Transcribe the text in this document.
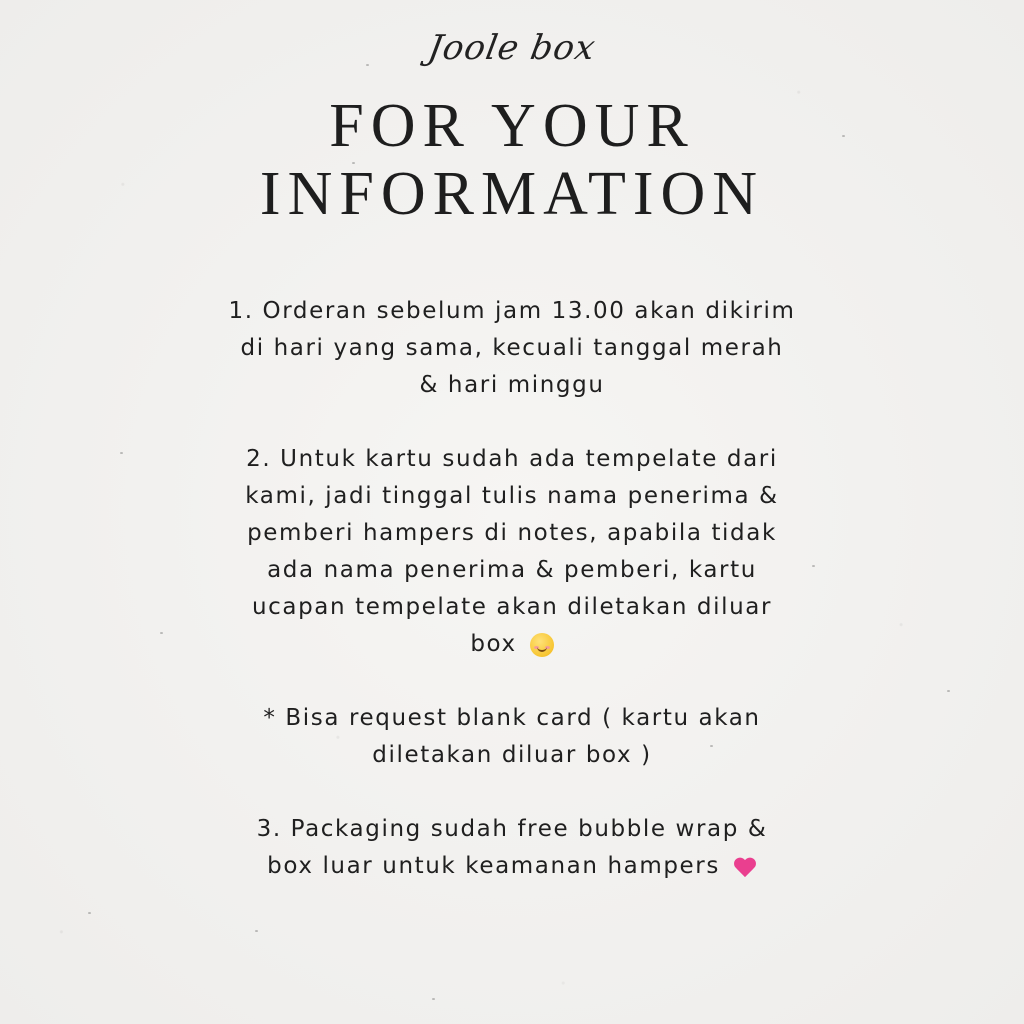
Joole box
FOR YOUR
INFORMATION
1. Orderan sebelum jam 13.00 akan dikirim
di hari yang sama, kecuali tanggal merah
& hari minggu
2. Untuk kartu sudah ada tempelate dari
kami, jadi tinggal tulis nama penerima &
pemberi hampers di notes, apabila tidak
ada nama penerima & pemberi, kartu
ucapan tempelate akan diletakan diluar
box
* Bisa request blank card ( kartu akan
diletakan diluar box )
3. Packaging sudah free bubble wrap &
box luar untuk keamanan hampers
